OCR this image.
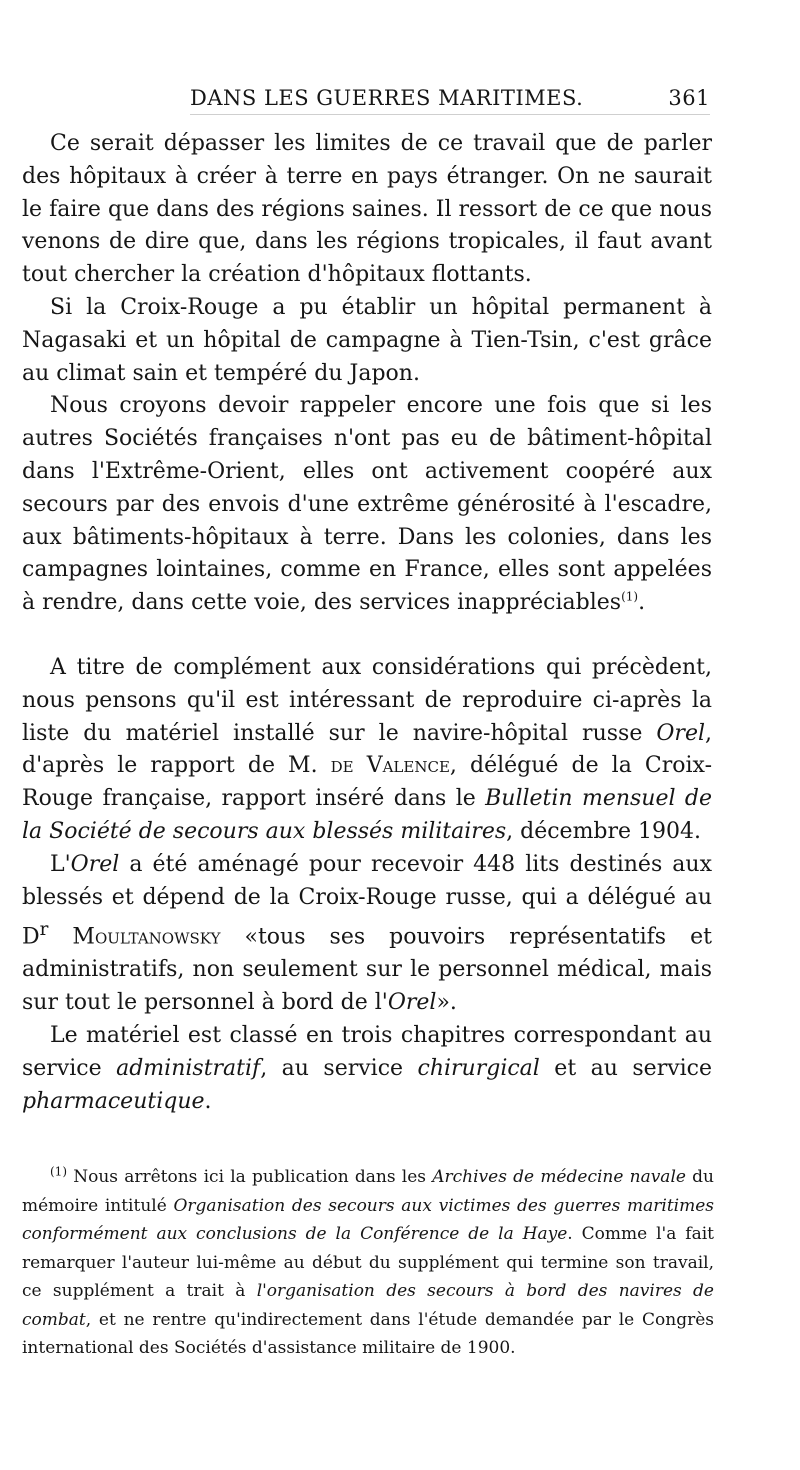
DANS LES GUERRES MARITIMES.	361

Ce serait dépasser les limites de ce travail que de parler des hôpitaux à créer à terre en pays étranger. On ne saurait le faire que dans des régions saines. Il ressort de ce que nous venons de dire que, dans les régions tropicales, il faut avant tout chercher la création d'hôpitaux flottants.

Si la Croix-Rouge a pu établir un hôpital permanent à Nagasaki et un hôpital de campagne à Tien-Tsin, c'est grâce au climat sain et tempéré du Japon.

Nous croyons devoir rappeler encore une fois que si les autres Sociétés françaises n'ont pas eu de bâtiment-hôpital dans l'Extrême-Orient, elles ont activement coopéré aux secours par des envois d'une extrême générosité à l'escadre, aux bâtiments-hôpitaux à terre. Dans les colonies, dans les campagnes lointaines, comme en France, elles sont appelées à rendre, dans cette voie, des services inappréciables$^{(1)}$.

A titre de complément aux considérations qui précèdent, nous pensons qu'il est intéressant de reproduire ci-après la liste du matériel installé sur le navire-hôpital russe Orel, d'après le rapport de M. de Valence, délégué de la Croix-Rouge française, rapport inséré dans le Bulletin mensuel de la Société de secours aux blessés militaires, décembre 1904.

L'Orel a été aménagé pour recevoir 448 lits destinés aux blessés et dépend de la Croix-Rouge russe, qui a délégué au $D^r$ Moultanowsky «tous ses pouvoirs représentatifs et administratifs, non seulement sur le personnel médical, mais sur tout le personnel à bord de l'Orel».

Le matériel est classé en trois chapitres correspondant au service administratif, au service chirurgical et au service pharmaceutique.

$^{(1)}$ Nous arrêtons ici la publication dans les Archives de médecine navale du mémoire intitulé Organisation des secours aux victimes des guerres maritimes conformément aux conclusions de la Conférence de la Haye. Comme l'a fait remarquer l'auteur lui-même au début du supplément qui termine son travail, ce supplément a trait à l'organisation des secours à bord des navires de combat, et ne rentre qu'indirectement dans l'étude demandée par le Congrès international des Sociétés d'assistance militaire de 1900.
